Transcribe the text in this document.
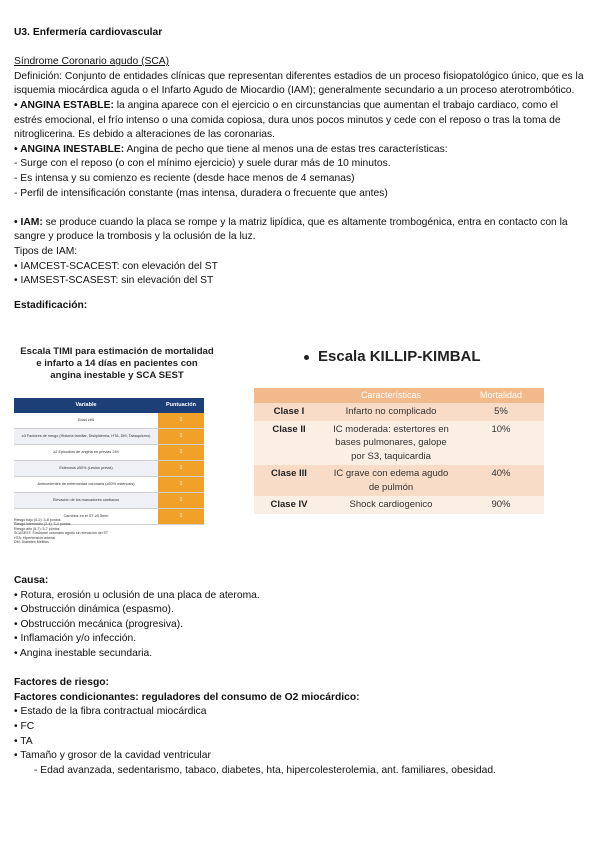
U3. Enfermería cardiovascular

Síndrome Coronario agudo (SCA)

Definición: Conjunto de entidades clínicas que representan diferentes estadios de un proceso fisiopatológico único, que es la isquemia miocárdica aguda o el Infarto Agudo de Miocardio (IAM); generalmente secundario a un proceso aterotrombótico.

• ANGINA ESTABLE: la angina aparece con el ejercicio o en circunstancias que aumentan el trabajo cardiaco, como el estrés emocional, el frío intenso o una comida copiosa, dura unos pocos minutos y cede con el reposo o tras la toma de nitroglicerina. Es debido a alteraciones de las coronarias.

• ANGINA INESTABLE: Angina de pecho que tiene al menos una de estas tres características:

- Surge con el reposo (o con el mínimo ejercicio) y suele durar más de 10 minutos.

- Es intensa y su comienzo es reciente (desde hace menos de 4 semanas)

- Perfil de intensificación constante (mas intensa, duradera o frecuente que antes)

• IAM: se produce cuando la placa se rompe y la matriz lipídica, que es altamente trombogénica, entra en contacto con la sangre y produce la trombosis y la oclusión de la luz.

Tipos de IAM:

• IAMCEST-SCACEST: con elevación del ST

• IAMSEST-SCASEST: sin elevación del ST

Estadificación:

Escala TIMI para estimación de mortalidad e infarto a 14 días en pacientes con angina inestable y SCA SEST
Variable	Puntuación
Edad ≥65	1
≥3 Factores de riesgo (Historia familiar, Dislipidemia, HTA, DM, Tabaquismo)	1
≥2 Episodios de angina en previas 24h	1
Estenosis ≥50% (Lesión previa)	1
Antecedentes de enfermedad coronaria (≥50% estenosis)	1
Elevación de los marcadores cardiacos	1
Cambios en el ST ≥0.5mm	1
Riesgo bajo (0-2): 3-8 puntos
Riesgo intermedio (3-4): 3-4 puntos
Riesgo alto (5-7): 5-7 puntos
SCASEST: Síndrome coronario agudo sin elevación del ST
HTA: Hipertensión arterial
DM: Diabetes Mellitus
Escala KILLIP-KIMBAL
	Características	Mortalidad
Clase I	Infarto no complicado	5%
Clase II	IC moderada: estertores en bases pulmonares, galope por S3, taquicardia	10%
Clase III	IC grave con edema agudo de pulmón	40%
Clase IV	Shock cardiogenico	90%

Causa:

• Rotura, erosión u oclusión de una placa de ateroma.

• Obstrucción dinámica (espasmo).

• Obstrucción mecánica (progresiva).

• Inflamación y/o infección.

• Angina inestable secundaria.

Factores de riesgo:

Factores condicionantes: reguladores del consumo de O2 miocárdico:

• Estado de la fibra contractual miocárdica

• FC

• TA

• Tamaño y grosor de la cavidad ventricular

- Edad avanzada, sedentarismo, tabaco, diabetes, hta, hipercolesterolemia, ant. familiares, obesidad.
